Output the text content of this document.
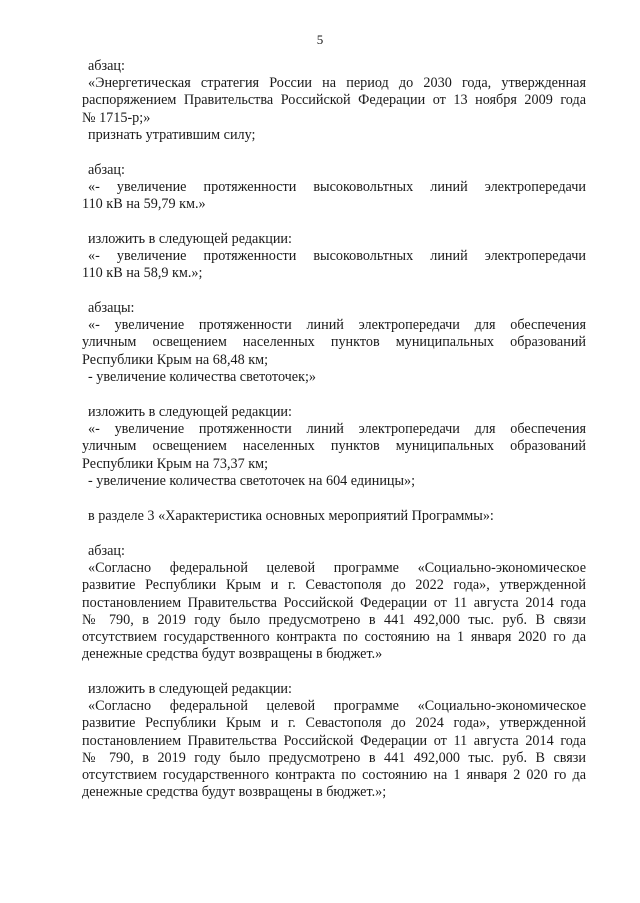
5
абзац:
«Энергетическая стратегия России на период до 2030 года, утвержденная
распоряжением Правительства Российской Федерации от 13 ноября 2009 года
№ 1715-р;»
признать утратившим силу;
абзац:
«- увеличение протяженности высоковольтных линий электропередачи
110 кВ на 59,79 км.»
изложить в следующей редакции:
«- увеличение протяженности высоковольтных линий электропередачи
110 кВ на 58,9 км.»;
абзацы:
«- увеличение протяженности линий электропередачи для обеспечения
уличным освещением населенных пунктов муниципальных образований
Республики Крым на 68,48 км;
- увеличение количества светоточек;»
изложить в следующей редакции:
«- увеличение протяженности линий электропередачи для обеспечения
уличным освещением населенных пунктов муниципальных образований
Республики Крым на 73,37 км;
- увеличение количества светоточек на 604 единицы»;
в разделе 3 «Характеристика основных мероприятий Программы»:
абзац:
«Согласно федеральной целевой программе «Социально-экономическое
развитие Республики Крым и г. Севастополя до 2022 года», утвержденной
постановлением Правительства Российской Федерации от 11 августа 2014 года
№ 790, в 2019 году было предусмотрено в 441 492,000 тыс. руб. В связи
отсутствием государственного контракта по состоянию на 1 января 2020 го да
денежные средства будут возвращены в бюджет.»
изложить в следующей редакции:
«Согласно федеральной целевой программе «Социально-экономическое
развитие Республики Крым и г. Севастополя до 2024 года», утвержденной
постановлением Правительства Российской Федерации от 11 августа 2014 года
№ 790, в 2019 году было предусмотрено в 441 492,000 тыс. руб. В связи
отсутствием государственного контракта по состоянию на 1 января 2 020 го да
денежные средства будут возвращены в бюджет.»;
